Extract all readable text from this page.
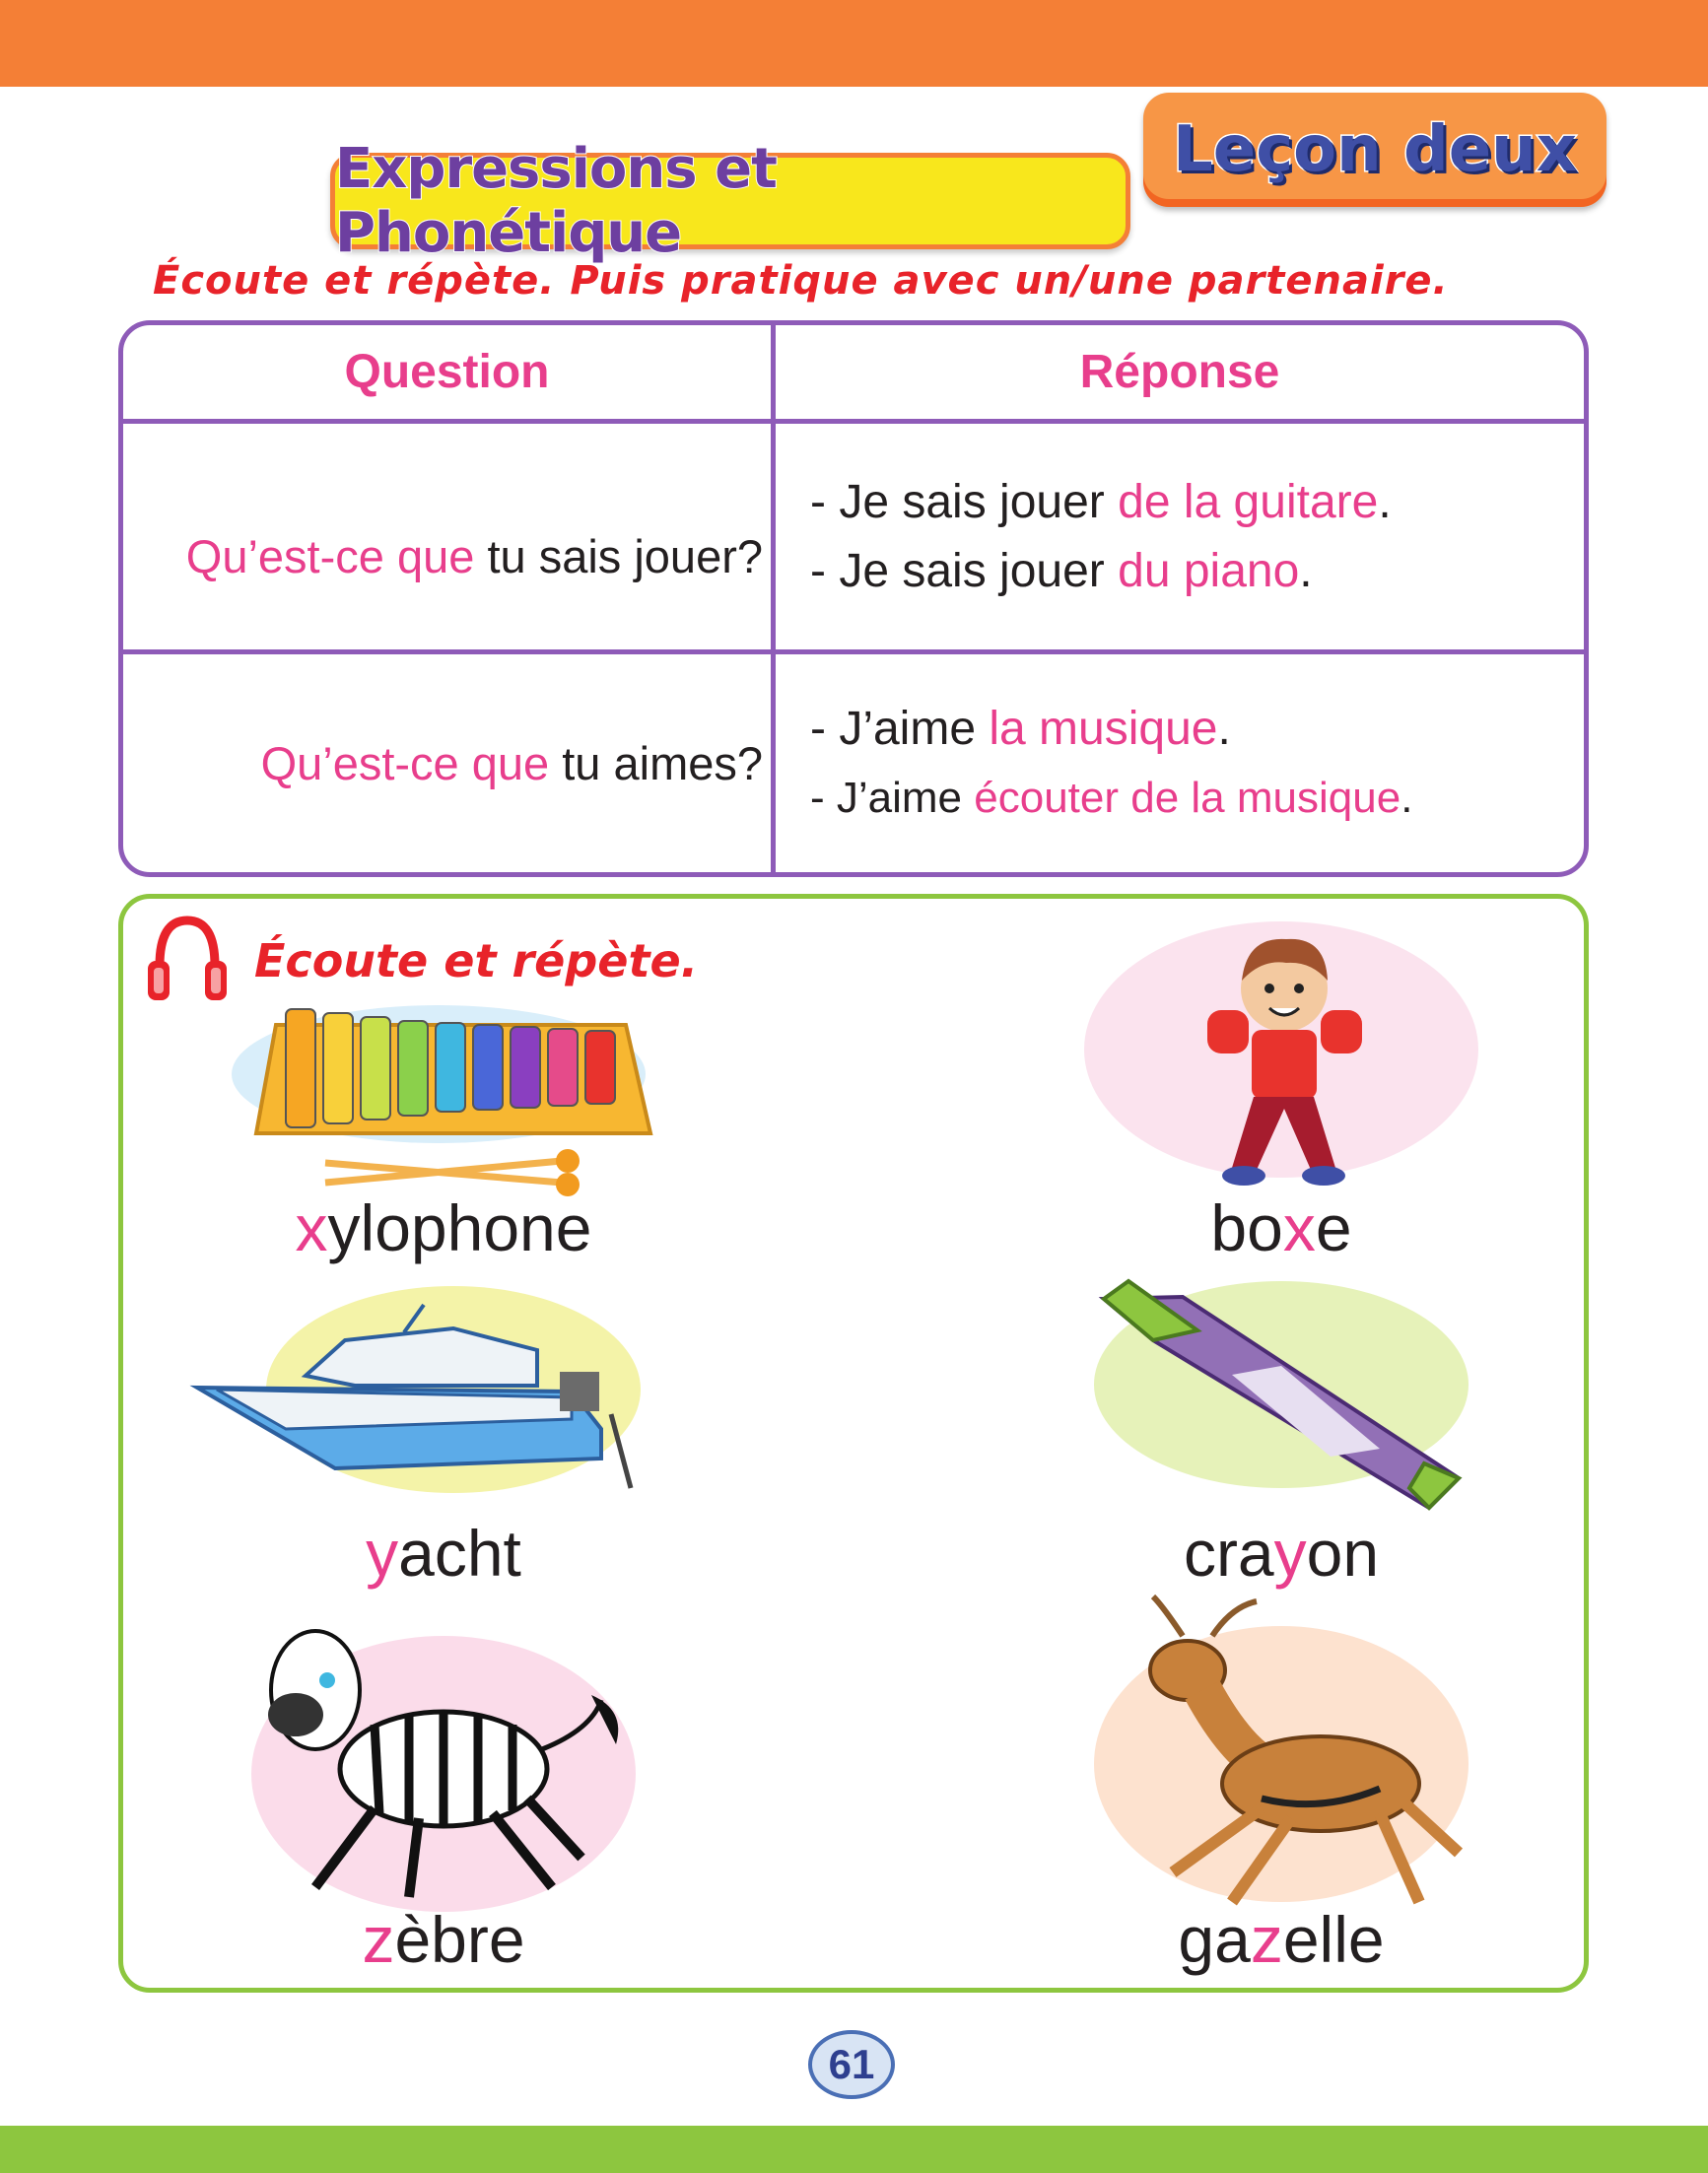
Leçon deux
Expressions et Phonétique
Écoute et répète. Puis pratique avec un/une partenaire.
Question	Réponse
Qu’est-ce que tu sais jouer?
- Je sais jouer de la guitare.
- Je sais jouer du piano.
Qu’est-ce que tu aimes?
- J’aime la musique.
- J’aime écouter de la musique.
Écoute et répète.
xylophone	boxe
yacht	crayon
zèbre	gazelle
61
